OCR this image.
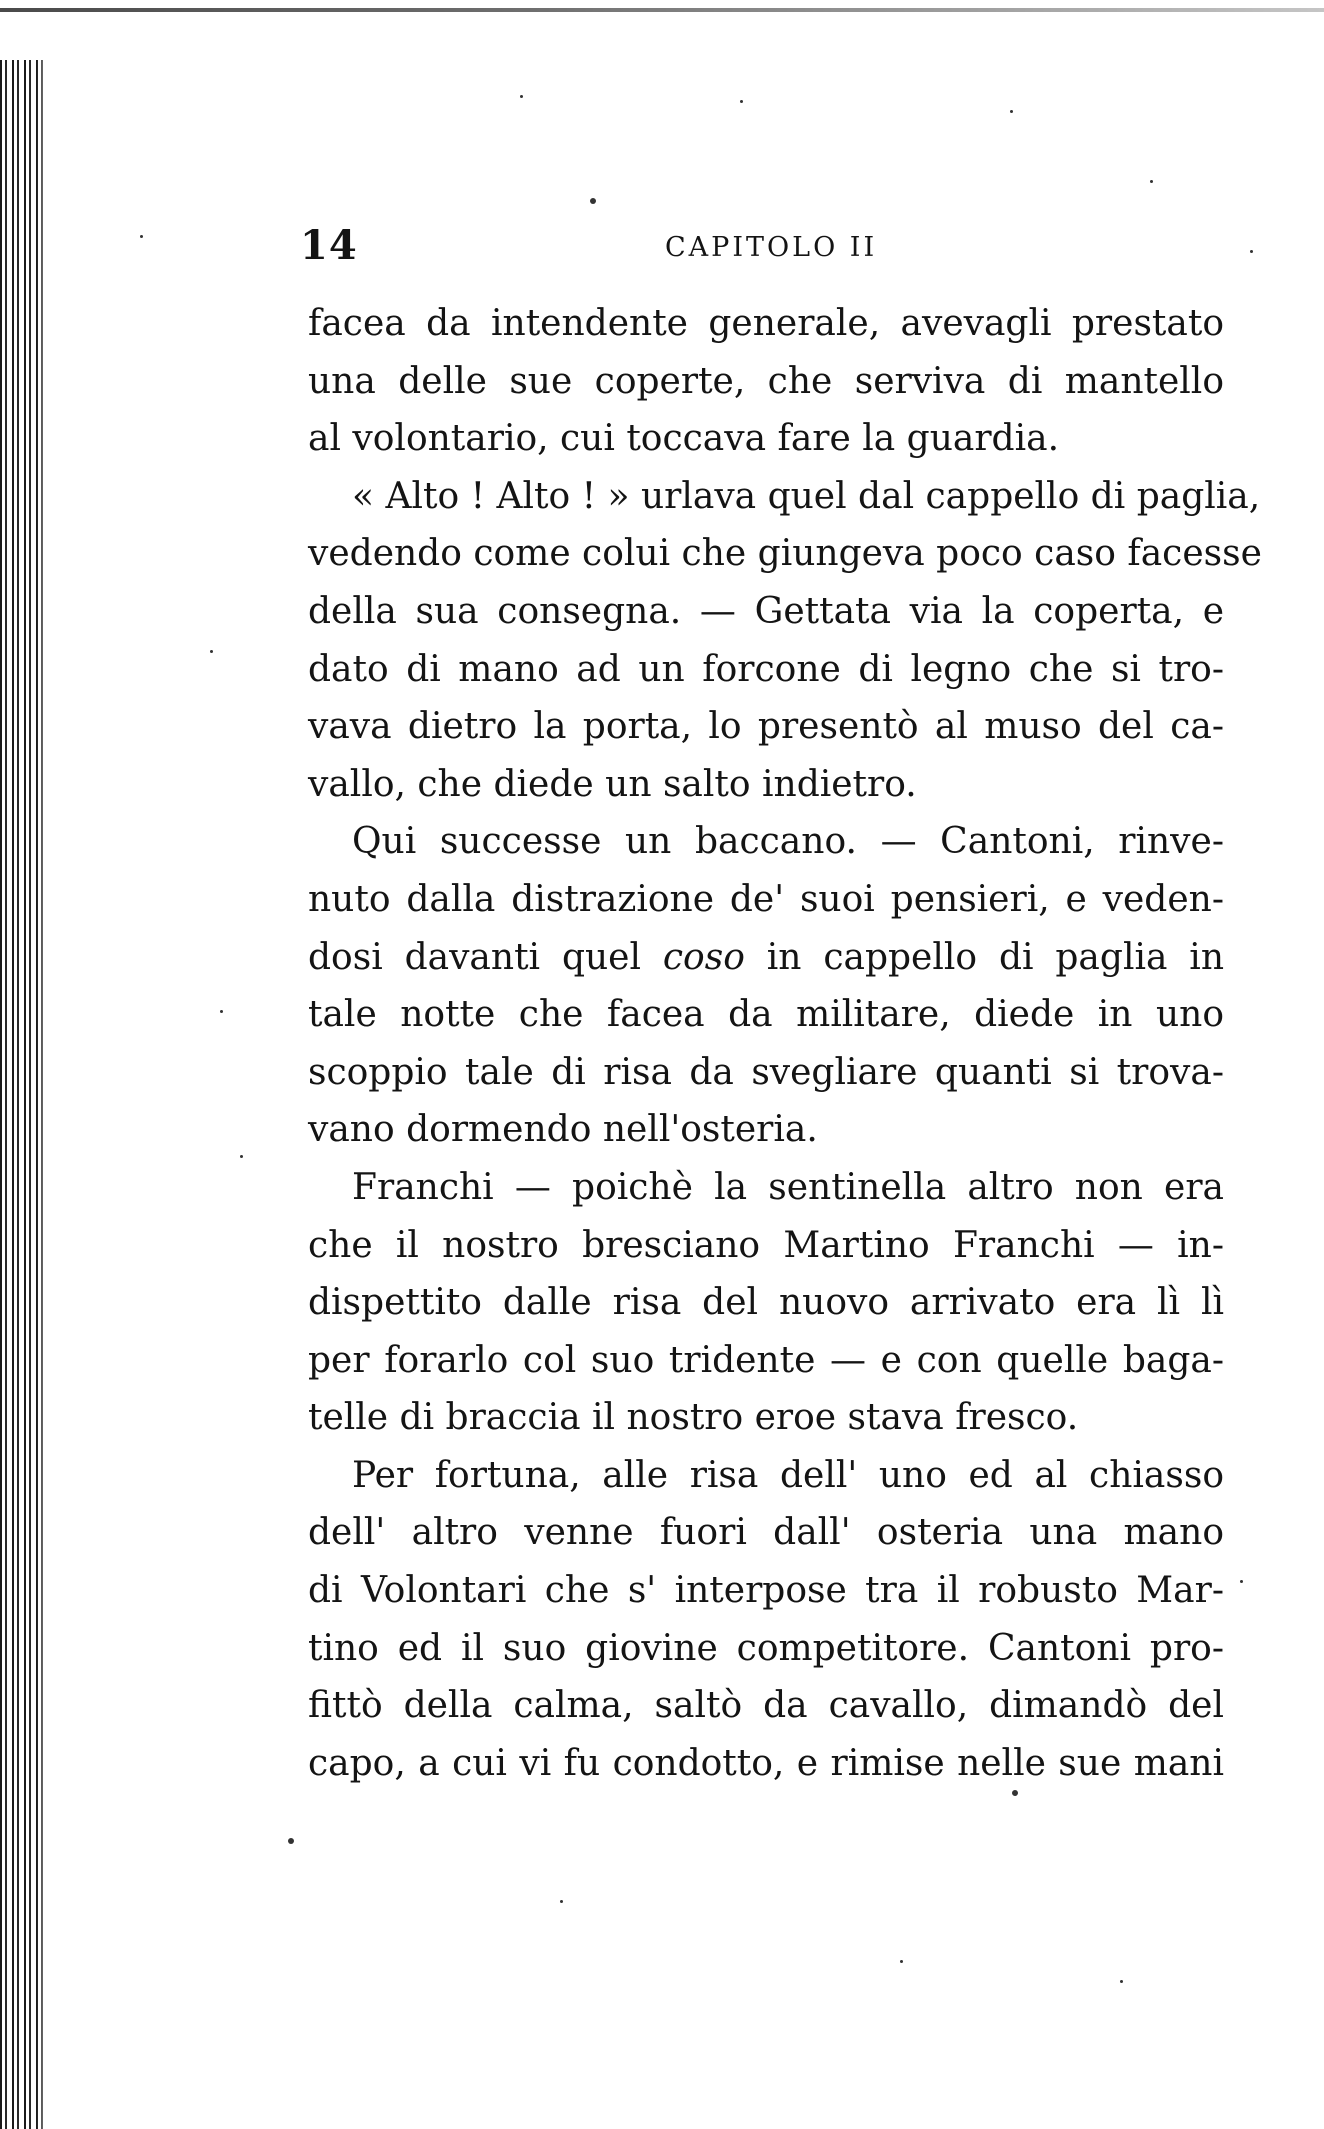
14	CAPITOLO II
facea da intendente generale, avevagli prestato
una delle sue coperte, che serviva di mantello
al volontario, cui toccava fare la guardia.
« Alto ! Alto ! » urlava quel dal cappello di paglia,
vedendo come colui che giungeva poco caso facesse
della sua consegna. — Gettata via la coperta, e
dato di mano ad un forcone di legno che si tro-
vava dietro la porta, lo presentò al muso del ca-
vallo, che diede un salto indietro.
Qui successe un baccano. — Cantoni, rinve-
nuto dalla distrazione de' suoi pensieri, e veden-
dosi davanti quel coso in cappello di paglia in
tale notte che facea da militare, diede in uno
scoppio tale di risa da svegliare quanti si trova-
vano dormendo nell'osteria.
Franchi — poichè la sentinella altro non era
che il nostro bresciano Martino Franchi — in-
dispettito dalle risa del nuovo arrivato era lì lì
per forarlo col suo tridente — e con quelle baga-
telle di braccia il nostro eroe stava fresco.
Per fortuna, alle risa dell' uno ed al chiasso
dell' altro venne fuori dall' osteria una mano
di Volontari che s' interpose tra il robusto Mar-
tino ed il suo giovine competitore. Cantoni pro-
fittò della calma, saltò da cavallo, dimandò del
capo, a cui vi fu condotto, e rimise nelle sue mani
